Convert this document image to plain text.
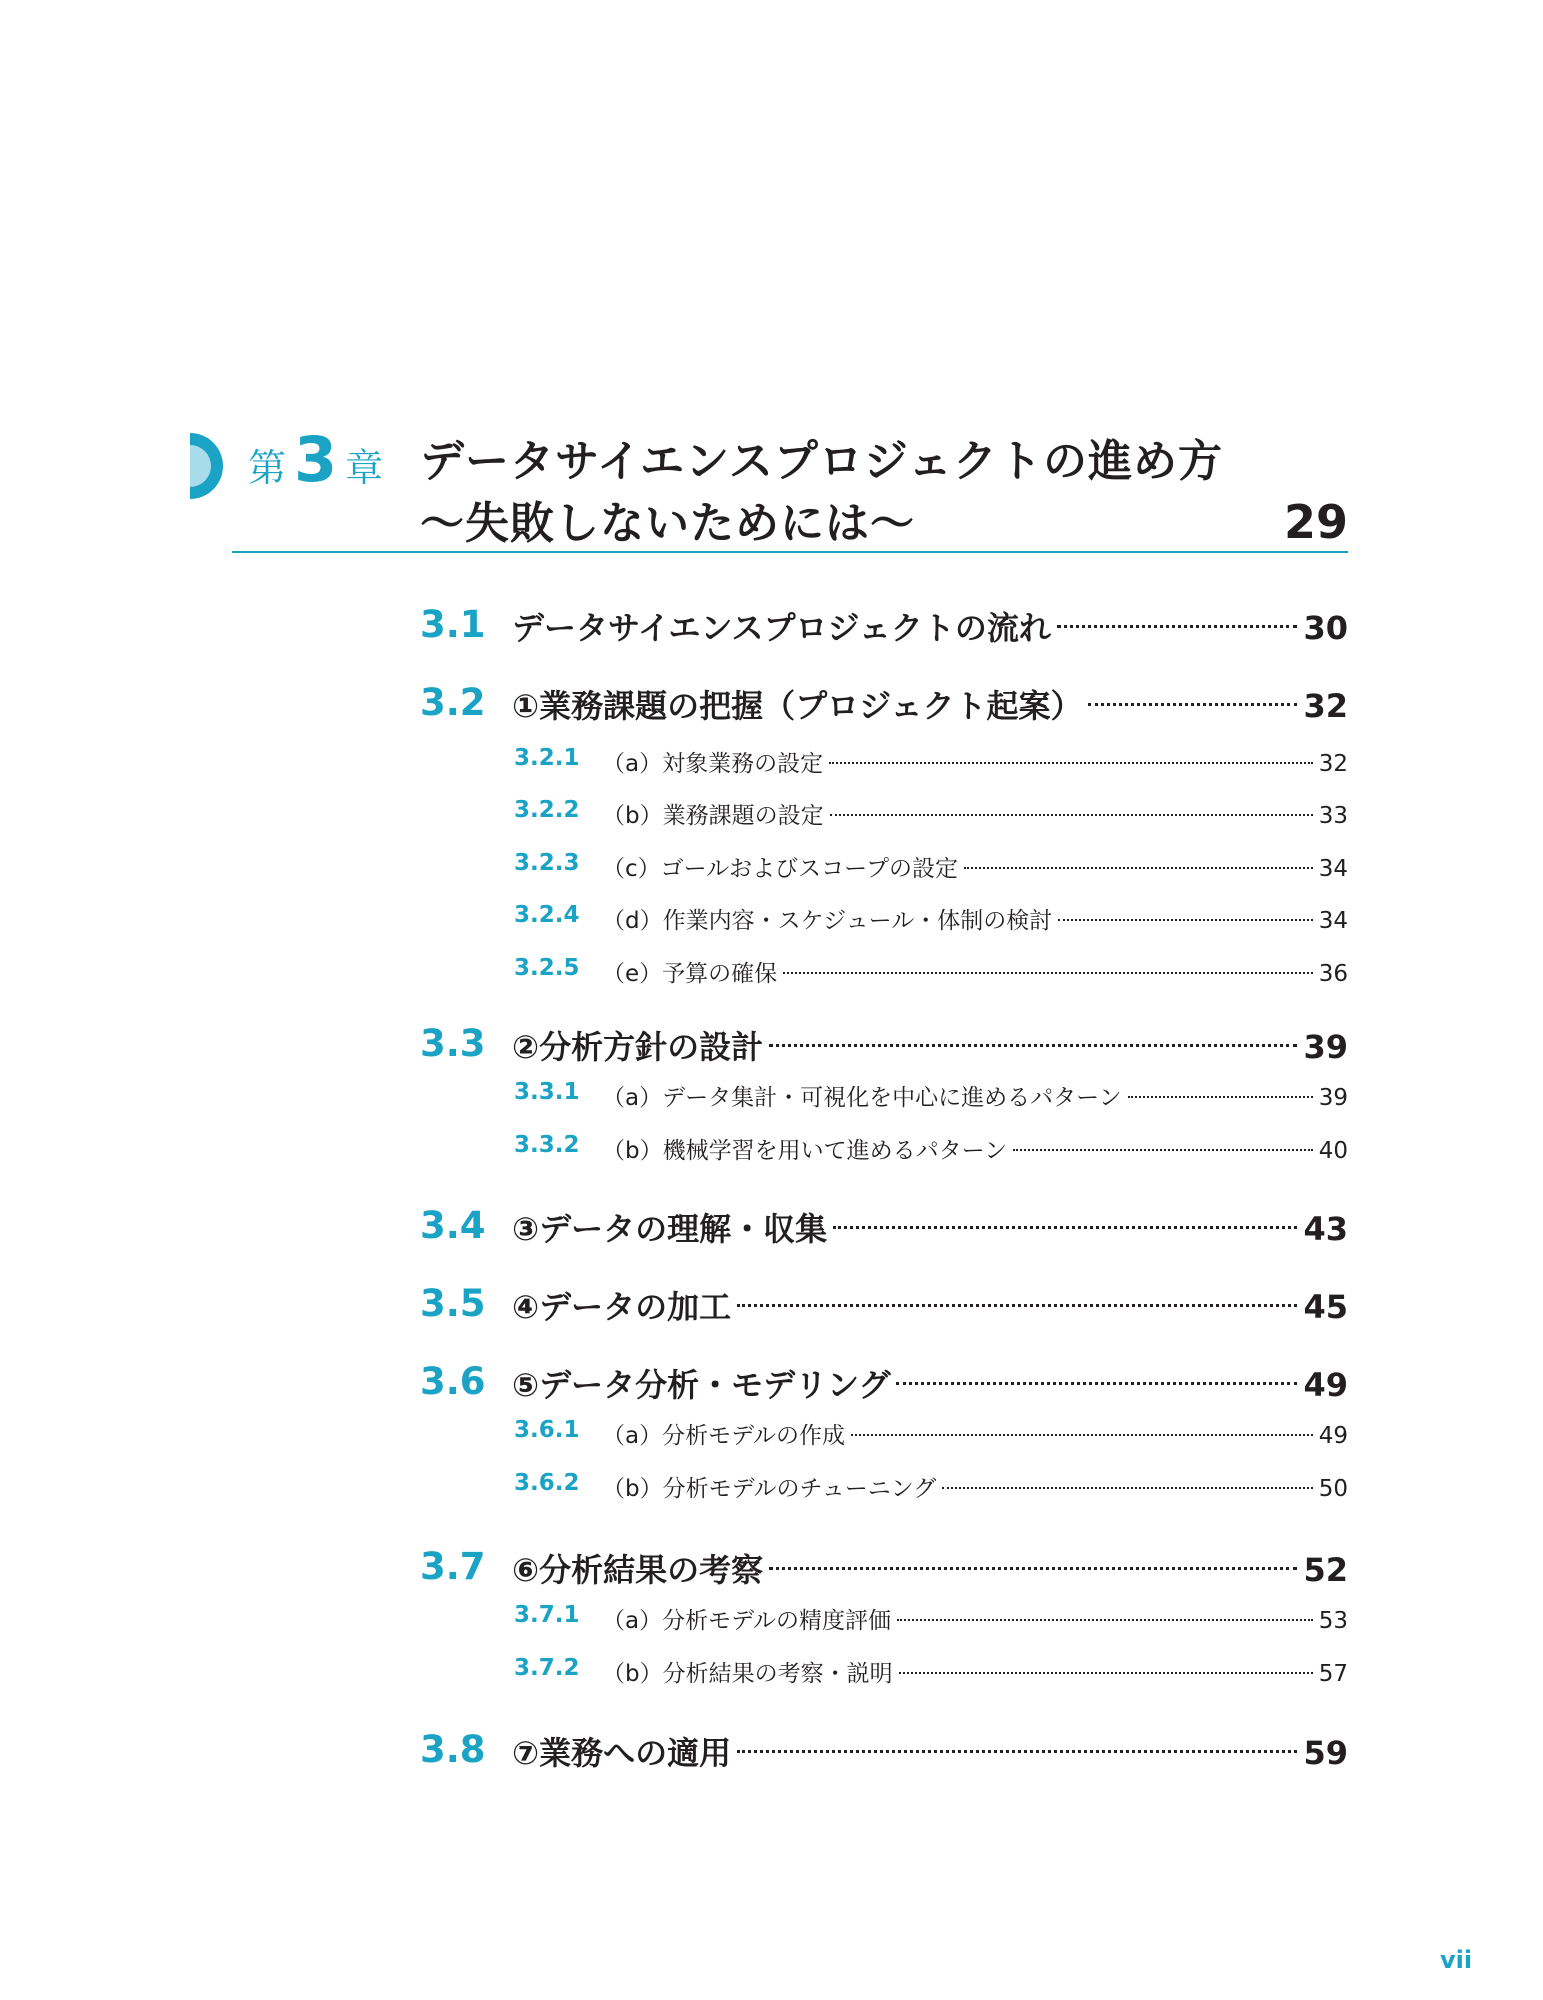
第 3 章 データサイエンスプロジェクトの進め方
～失敗しないためには～	29
3.1 データサイエンスプロジェクトの流れ	30
3.2 ①業務課題の把握（プロジェクト起案）	32
3.2.1 （a）対象業務の設定	32
3.2.2 （b）業務課題の設定	33
3.2.3 （c）ゴールおよびスコープの設定	34
3.2.4 （d）作業内容・スケジュール・体制の検討	34
3.2.5 （e）予算の確保	36
3.3 ②分析方針の設計	39
3.3.1 （a）データ集計・可視化を中心に進めるパターン	39
3.3.2 （b）機械学習を用いて進めるパターン	40
3.4 ③データの理解・収集	43
3.5 ④データの加工	45
3.6 ⑤データ分析・モデリング	49
3.6.1 （a）分析モデルの作成	49
3.6.2 （b）分析モデルのチューニング	50
3.7 ⑥分析結果の考察	52
3.7.1 （a）分析モデルの精度評価	53
3.7.2 （b）分析結果の考察・説明	57
3.8 ⑦業務への適用	59
vii
